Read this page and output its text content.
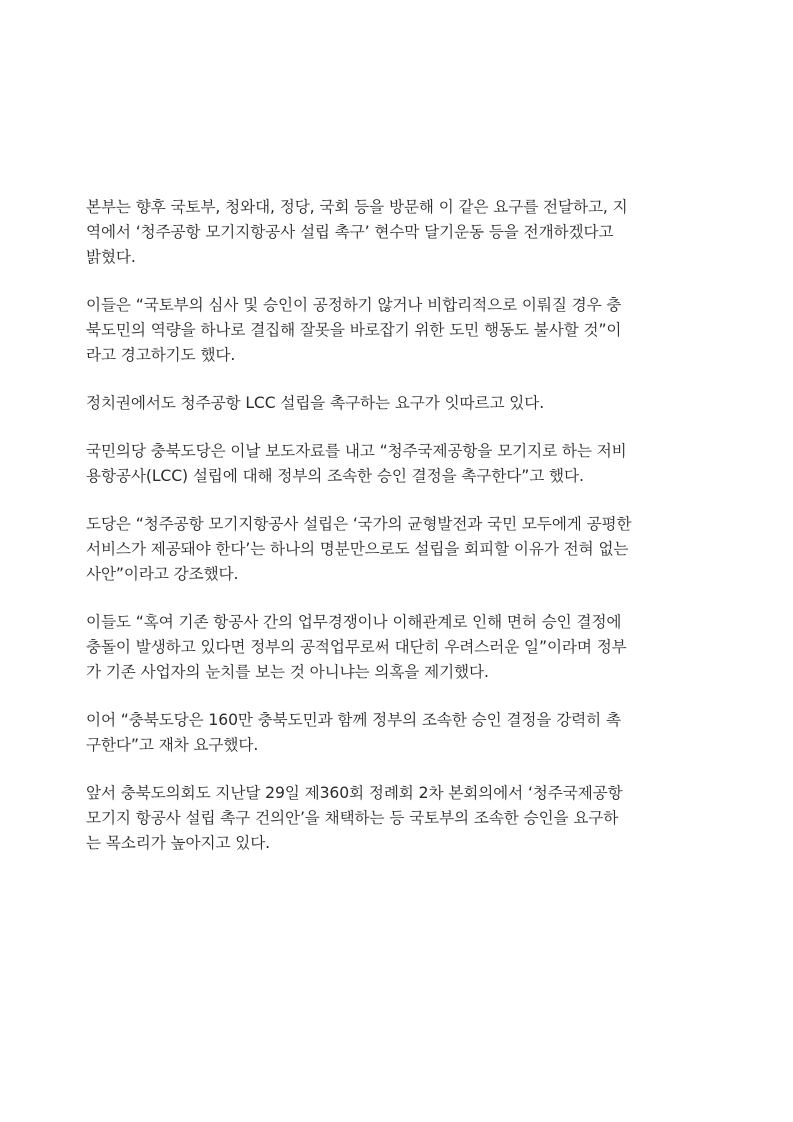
본부는 향후 국토부, 청와대, 정당, 국회 등을 방문해 이 같은 요구를 전달하고, 지
역에서 ‘청주공항 모기지항공사 설립 촉구’ 현수막 달기운동 등을 전개하겠다고
밝혔다.

이들은 “국토부의 심사 및 승인이 공정하기 않거나 비합리적으로 이뤄질 경우 충
북도민의 역량을 하나로 결집해 잘못을 바로잡기 위한 도민 행동도 불사할 것”이
라고 경고하기도 했다.

정치권에서도 청주공항 LCC 설립을 촉구하는 요구가 잇따르고 있다.

국민의당 충북도당은 이날 보도자료를 내고 “청주국제공항을 모기지로 하는 저비
용항공사(LCC) 설립에 대해 정부의 조속한 승인 결정을 촉구한다”고 했다.

도당은 “청주공항 모기지항공사 설립은 ‘국가의 균형발전과 국민 모두에게 공평한
서비스가 제공돼야 한다’는 하나의 명분만으로도 설립을 회피할 이유가 전혀 없는
사안”이라고 강조했다.

이들도 “혹여 기존 항공사 간의 업무경쟁이나 이해관계로 인해 면허 승인 결정에
충돌이 발생하고 있다면 정부의 공적업무로써 대단히 우려스러운 일”이라며 정부
가 기존 사업자의 눈치를 보는 것 아니냐는 의혹을 제기했다.

이어 “충북도당은 160만 충북도민과 함께 정부의 조속한 승인 결정을 강력히 촉
구한다”고 재차 요구했다.

앞서 충북도의회도 지난달 29일 제360회 정례회 2차 본회의에서 ‘청주국제공항
모기지 항공사 설립 촉구 건의안’을 채택하는 등 국토부의 조속한 승인을 요구하
는 목소리가 높아지고 있다.
